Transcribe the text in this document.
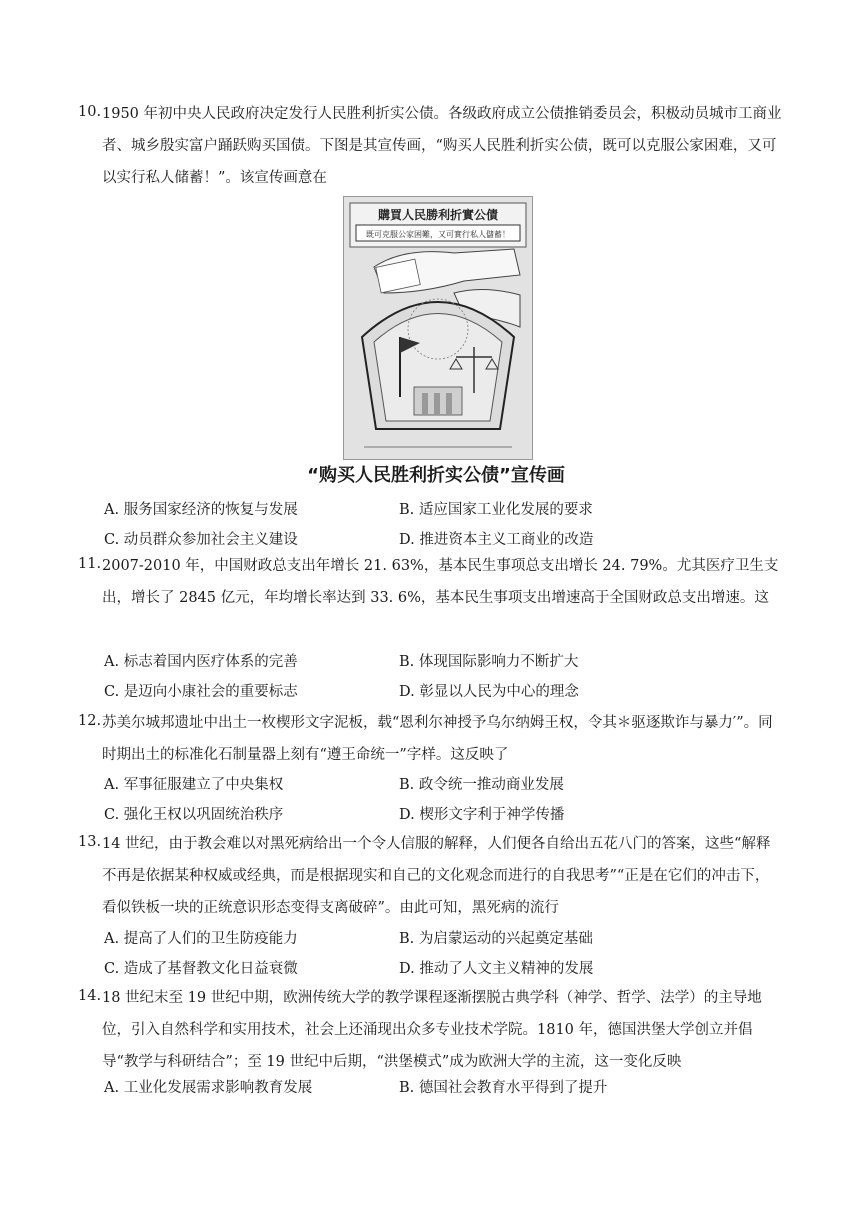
10. 1950 年初中央人民政府决定发行人民胜利折实公债。各级政府成立公债推销委员会，积极动员城市工商业者、城乡殷实富户踊跃购买国债。下图是其宣传画，“购买人民胜利折实公债，既可以克服公家困难，又可以实行私人储蓄！”。该宣传画意在
購買人民勝利折實公債
既可克服公家困難，又可實行私人儲蓄！
“购买人民胜利折实公债”宣传画
A. 服务国家经济的恢复与发展	B. 适应国家工业化发展的要求
C. 动员群众参加社会主义建设	D. 推进资本主义工商业的改造
11. 2007-2010 年，中国财政总支出年增长 21. 63%，基本民生事项总支出增长 24. 79%。尤其医疗卫生支出，增长了 2845 亿元，年均增长率达到 33. 6%，基本民生事项支出增速高于全国财政总支出增速。这
A. 标志着国内医疗体系的完善	B. 体现国际影响力不断扩大
C. 是迈向小康社会的重要标志	D. 彰显以人民为中心的理念
12. 苏美尔城邦遗址中出土一枚楔形文字泥板，载“恩利尔神授予乌尔纳姆王权，令其＊驱逐欺诈与暴力′”。同时期出土的标准化石制量器上刻有“遵王命统一”字样。这反映了
A. 军事征服建立了中央集权	B. 政令统一推动商业发展
C. 强化王权以巩固统治秩序	D. 楔形文字利于神学传播
13. 14 世纪，由于教会难以对黑死病给出一个令人信服的解释，人们便各自给出五花八门的答案，这些“解释不再是依据某种权威或经典，而是根据现实和自己的文化观念而进行的自我思考”“正是在它们的冲击下，看似铁板一块的正统意识形态变得支离破碎”。由此可知，黑死病的流行
A. 提高了人们的卫生防疫能力	B. 为启蒙运动的兴起奠定基础
C. 造成了基督教文化日益衰微	D. 推动了人文主义精神的发展
14. 18 世纪末至 19 世纪中期，欧洲传统大学的教学课程逐渐摆脱古典学科（神学、哲学、法学）的主导地位，引入自然科学和实用技术，社会上还涌现出众多专业技术学院。1810 年，德国洪堡大学创立并倡导“教学与科研结合”；至 19 世纪中后期，“洪堡模式”成为欧洲大学的主流，这一变化反映
A. 工业化发展需求影响教育发展	B. 德国社会教育水平得到了提升
